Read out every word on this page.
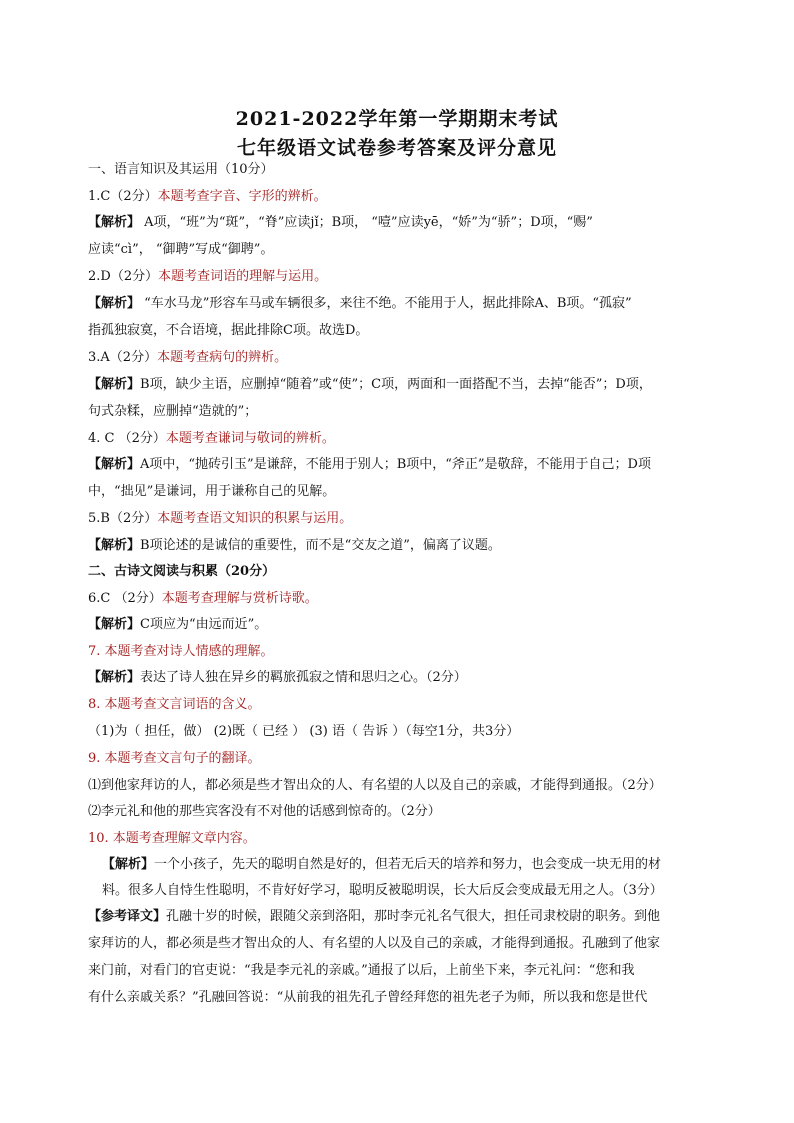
2021-2022学年第一学期期末考试
七年级语文试卷参考答案及评分意见
一、语言知识及其运用（10分）
1.C（2分）本题考查字音、字形的辨析。
【解析】 A项，“班”为“斑”，“脊”应读jǐ；B项， “噎”应读yē，“娇”为“骄”；D项，“赐”
应读“cì”， “御聘”写成“御聘”。
2.D（2分）本题考查词语的理解与运用。
【解析】 “车水马龙”形容车马或车辆很多，来往不绝。不能用于人，据此排除A、B项。“孤寂”
指孤独寂寞，不合语境，据此排除C项。故选D。
3.A（2分）本题考查病句的辨析。
【解析】B项，缺少主语，应删掉“随着”或“使”；C项，两面和一面搭配不当，去掉“能否”；D项，
句式杂糅，应删掉“造就的”；
4. C （2分）本题考查谦词与敬词的辨析。
【解析】A项中，“抛砖引玉”是谦辞，不能用于别人；B项中，“斧正”是敬辞，不能用于自己；D项
中，“拙见”是谦词，用于谦称自己的见解。
5.B（2分）本题考查语文知识的积累与运用。
【解析】B项论述的是诚信的重要性，而不是“交友之道”，偏离了议题。
二、古诗文阅读与积累（20分）
6.C （2分）本题考查理解与赏析诗歌。
【解析】C项应为“由远而近”。
7. 本题考查对诗人情感的理解。
【解析】表达了诗人独在异乡的羁旅孤寂之情和思归之心。（2分）
8. 本题考查文言词语的含义。
（1)为（ 担任，做） (2)既（ 已经 ） (3) 语（ 告诉 ）（每空1分，共3分）
9. 本题考查文言句子的翻译。
⑴到他家拜访的人，都必须是些才智出众的人、有名望的人以及自己的亲戚，才能得到通报。（2分）
⑵李元礼和他的那些宾客没有不对他的话感到惊奇的。（2分）
10. 本题考查理解文章内容。
【解析】一个小孩子，先天的聪明自然是好的，但若无后天的培养和努力，也会变成一块无用的材
料。很多人自恃生性聪明，不肯好好学习，聪明反被聪明误，长大后反会变成最无用之人。（3分）
【参考译文】孔融十岁的时候，跟随父亲到洛阳，那时李元礼名气很大，担任司隶校尉的职务。到他
家拜访的人，都必须是些才智出众的人、有名望的人以及自己的亲戚，才能得到通报。孔融到了他家
来门前，对看门的官吏说：“我是李元礼的亲戚。”通报了以后，上前坐下来，李元礼问：“您和我
有什么亲戚关系？”孔融回答说：“从前我的祖先孔子曾经拜您的祖先老子为师，所以我和您是世代
